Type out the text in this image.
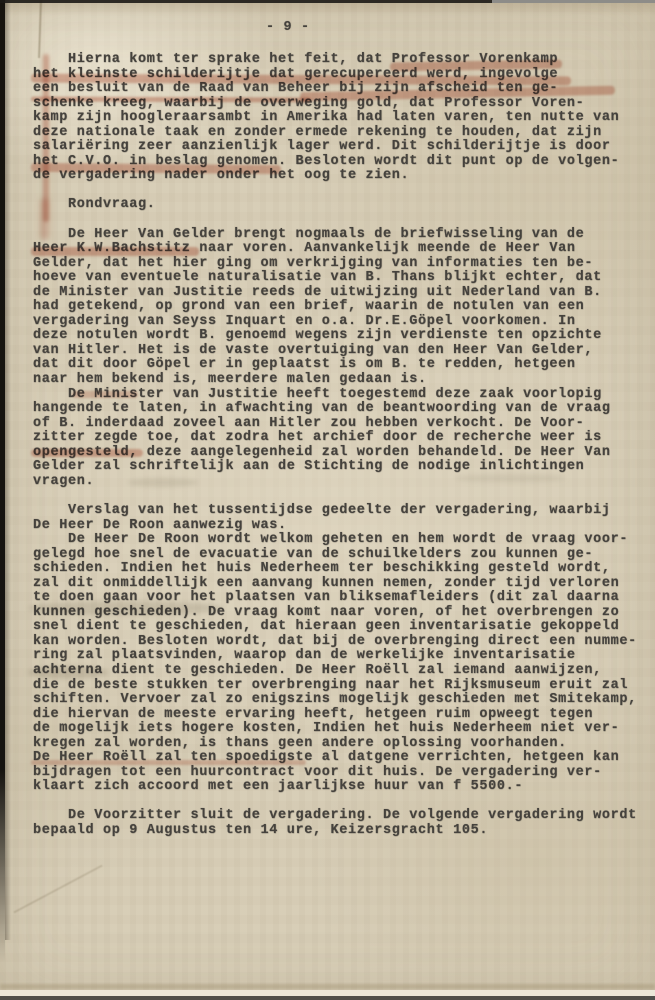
- 9 -
Hierna komt ter sprake het feit, dat Professor Vorenkamp
het kleinste schilderijtje dat gerecupereerd werd, ingevolge
een besluit van de Raad van Beheer bij zijn afscheid ten ge-
schenke kreeg, waarbij de overweging gold, dat Professor Voren-
kamp zijn hoogleraarsambt in Amerika had laten varen, ten nutte van
deze nationale taak en zonder ermede rekening te houden, dat zijn
salariëring zeer aanzienlijk lager werd. Dit schilderijtje is door
het C.V.O. in beslag genomen. Besloten wordt dit punt op de volgen-
de vergadering nader onder het oog te zien.

Rondvraag.

De Heer Van Gelder brengt nogmaals de briefwisseling van de
Heer K.W.Bachstitz naar voren. Aanvankelijk meende de Heer Van
Gelder, dat het hier ging om verkrijging van informaties ten be-
hoeve van eventuele naturalisatie van B. Thans blijkt echter, dat
de Minister van Justitie reeds de uitwijzing uit Nederland van B.
had getekend, op grond van een brief, waarin de notulen van een
vergadering van Seyss Inquart en o.a. Dr.E.Göpel voorkomen. In
deze notulen wordt B. genoemd wegens zijn verdienste ten opzichte
van Hitler. Het is de vaste overtuiging van den Heer Van Gelder,
dat dit door Göpel er in geplaatst is om B. te redden, hetgeen
naar hem bekend is, meerdere malen gedaan is.
De Minister van Justitie heeft toegestemd deze zaak voorlopig
hangende te laten, in afwachting van de beantwoording van de vraag
of B. inderdaad zoveel aan Hitler zou hebben verkocht. De Voor-
zitter zegde toe, dat zodra het archief door de recherche weer is
opengesteld, deze aangelegenheid zal worden behandeld. De Heer Van
Gelder zal schriftelijk aan de Stichting de nodige inlichtingen
vragen.

Verslag van het tussentijdse gedeelte der vergadering, waarbij
De Heer De Roon aanwezig was.
De Heer De Roon wordt welkom geheten en hem wordt de vraag voor-
gelegd hoe snel de evacuatie van de schuilkelders zou kunnen ge-
schieden. Indien het huis Nederheem ter beschikking gesteld wordt,
zal dit onmiddellijk een aanvang kunnen nemen, zonder tijd verloren
te doen gaan voor het plaatsen van bliksemafleiders (dit zal daarna
kunnen geschieden). De vraag komt naar voren, of het overbrengen zo
snel dient te geschieden, dat hieraan geen inventarisatie gekoppeld
kan worden. Besloten wordt, dat bij de overbrenging direct een numme-
ring zal plaatsvinden, waarop dan de werkelijke inventarisatie
achterna dient te geschieden. De Heer Roëll zal iemand aanwijzen,
die de beste stukken ter overbrenging naar het Rijksmuseum eruit zal
schiften. Vervoer zal zo enigszins mogelijk geschieden met Smitekamp,
die hiervan de meeste ervaring heeft, hetgeen ruim opweegt tegen
de mogelijk iets hogere kosten, Indien het huis Nederheem niet ver-
kregen zal worden, is thans geen andere oplossing voorhanden.
De Heer Roëll zal ten spoedigste al datgene verrichten, hetgeen kan
bijdragen tot een huurcontract voor dit huis. De vergadering ver-
klaart zich accoord met een jaarlijkse huur van f 5500.-

De Voorzitter sluit de vergadering. De volgende vergadering wordt
bepaald op 9 Augustus ten 14 ure, Keizersgracht 105.
